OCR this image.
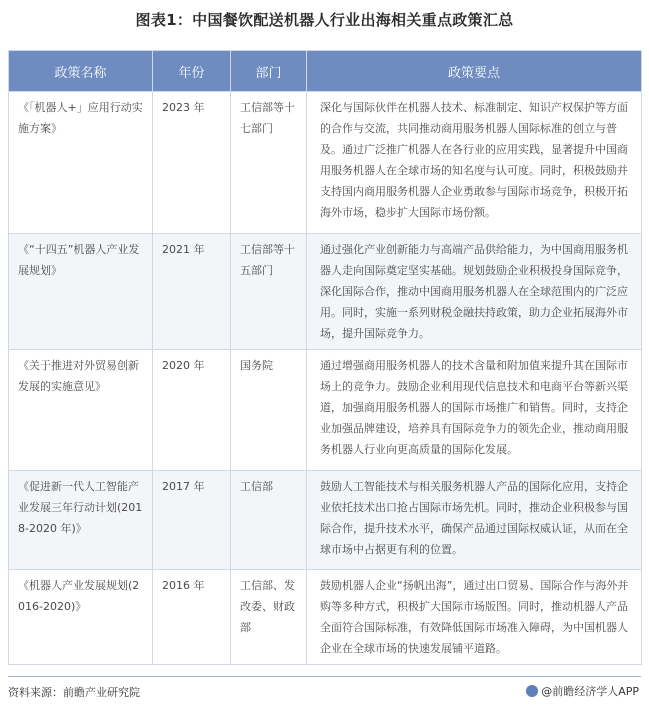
图表1：中国餐饮配送机器人行业出海相关重点政策汇总
政策名称	年份	部门	政策要点
《「机器人+」应用行动实施方案》	2023 年	工信部等十七部门	深化与国际伙伴在机器人技术、标准制定、知识产权保护等方面的合作与交流，共同推动商用服务机器人国际标准的创立与普及。通过广泛推广机器人在各行业的应用实践，显著提升中国商用服务机器人在全球市场的知名度与认可度。同时，积极鼓励并支持国内商用服务机器人企业勇敢参与国际市场竞争，积极开拓海外市场，稳步扩大国际市场份额。
《“十四五”机器人产业发展规划》	2021 年	工信部等十五部门	通过强化产业创新能力与高端产品供给能力，为中国商用服务机器人走向国际奠定坚实基础。规划鼓励企业积极投身国际竞争，深化国际合作，推动中国商用服务机器人在全球范围内的广泛应用。同时，实施一系列财税金融扶持政策，助力企业拓展海外市场，提升国际竞争力。
《关于推进对外贸易创新发展的实施意见》	2020 年	国务院	通过增强商用服务机器人的技术含量和附加值来提升其在国际市场上的竞争力。鼓励企业利用现代信息技术和电商平台等新兴渠道，加强商用服务机器人的国际市场推广和销售。同时，支持企业加强品牌建设，培养具有国际竞争力的领先企业，推动商用服务机器人行业向更高质量的国际化发展。
《促进新一代人工智能产业发展三年行动计划(2018-2020 年)》	2017 年	工信部	鼓励人工智能技术与相关服务机器人产品的国际化应用，支持企业依托技术出口抢占国际市场先机。同时，推动企业积极参与国际合作，提升技术水平，确保产品通过国际权威认证，从而在全球市场中占据更有利的位置。
《机器人产业发展规划(2016-2020)》	2016 年	工信部、发改委、财政部	鼓励机器人企业“扬帆出海”，通过出口贸易、国际合作与海外并购等多种方式，积极扩大国际市场版图。同时，推动机器人产品全面符合国际标准，有效降低国际市场准入障碍，为中国机器人企业在全球市场的快速发展铺平道路。
资料来源：前瞻产业研究院	@前瞻经济学人APP
